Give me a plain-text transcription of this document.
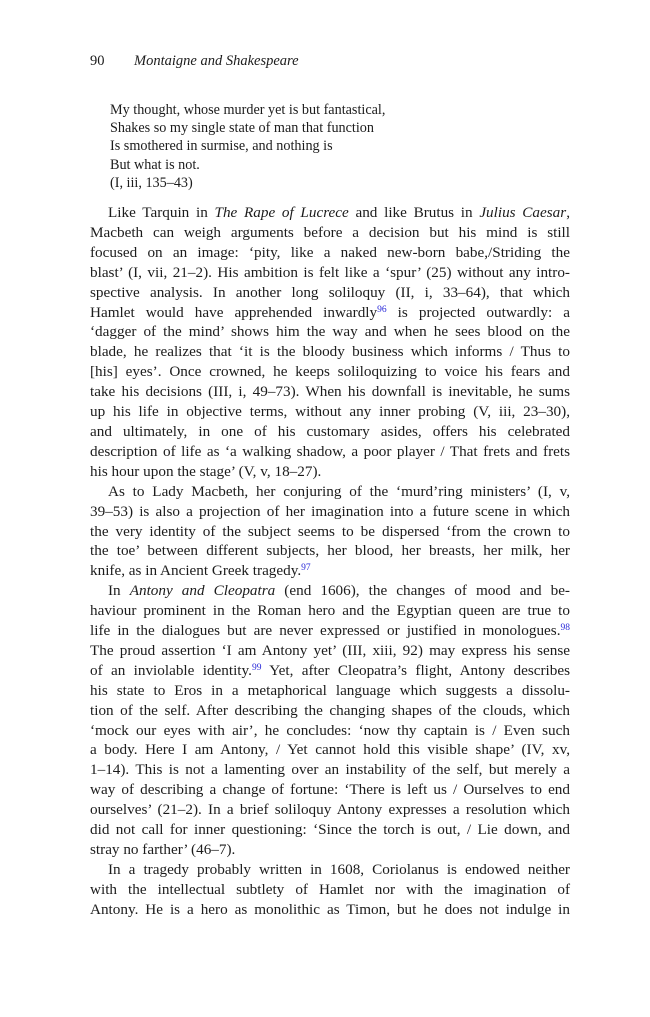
90 Montaigne and Shakespeare
My thought, whose murder yet is but fantastical,
Shakes so my single state of man that function
Is smothered in surmise, and nothing is
But what is not.
(I, iii, 135–43)
Like Tarquin in The Rape of Lucrece and like Brutus in Julius Caesar,
Macbeth can weigh arguments before a decision but his mind is still
focused on an image: ‘pity, like a naked new-born babe,/Striding the
blast’ (I, vii, 21–2). His ambition is felt like a ‘spur’ (25) without any intro-
spective analysis. In another long soliloquy (II, i, 33–64), that which
Hamlet would have apprehended inwardly$^{96}$ is projected outwardly: a
‘dagger of the mind’ shows him the way and when he sees blood on the
blade, he realizes that ‘it is the bloody business which informs / Thus to
[his] eyes’. Once crowned, he keeps soliloquizing to voice his fears and
take his decisions (III, i, 49–73). When his downfall is inevitable, he sums
up his life in objective terms, without any inner probing (V, iii, 23–30),
and ultimately, in one of his customary asides, offers his celebrated
description of life as ‘a walking shadow, a poor player / That frets and frets
his hour upon the stage’ (V, v, 18–27).
As to Lady Macbeth, her conjuring of the ‘murd’ring ministers’ (I, v,
39–53) is also a projection of her imagination into a future scene in which
the very identity of the subject seems to be dispersed ‘from the crown to
the toe’ between different subjects, her blood, her breasts, her milk, her
knife, as in Ancient Greek tragedy.$^{97}$
In Antony and Cleopatra (end 1606), the changes of mood and be-
haviour prominent in the Roman hero and the Egyptian queen are true to
life in the dialogues but are never expressed or justified in monologues.$^{98}$
The proud assertion ‘I am Antony yet’ (III, xiii, 92) may express his sense
of an inviolable identity.$^{99}$ Yet, after Cleopatra’s flight, Antony describes
his state to Eros in a metaphorical language which suggests a dissolu-
tion of the self. After describing the changing shapes of the clouds, which
‘mock our eyes with air’, he concludes: ‘now thy captain is / Even such
a body. Here I am Antony, / Yet cannot hold this visible shape’ (IV, xv,
1–14). This is not a lamenting over an instability of the self, but merely a
way of describing a change of fortune: ‘There is left us / Ourselves to end
ourselves’ (21–2). In a brief soliloquy Antony expresses a resolution which
did not call for inner questioning: ‘Since the torch is out, / Lie down, and
stray no farther’ (46–7).
In a tragedy probably written in 1608, Coriolanus is endowed neither
with the intellectual subtlety of Hamlet nor with the imagination of
Antony. He is a hero as monolithic as Timon, but he does not indulge in
